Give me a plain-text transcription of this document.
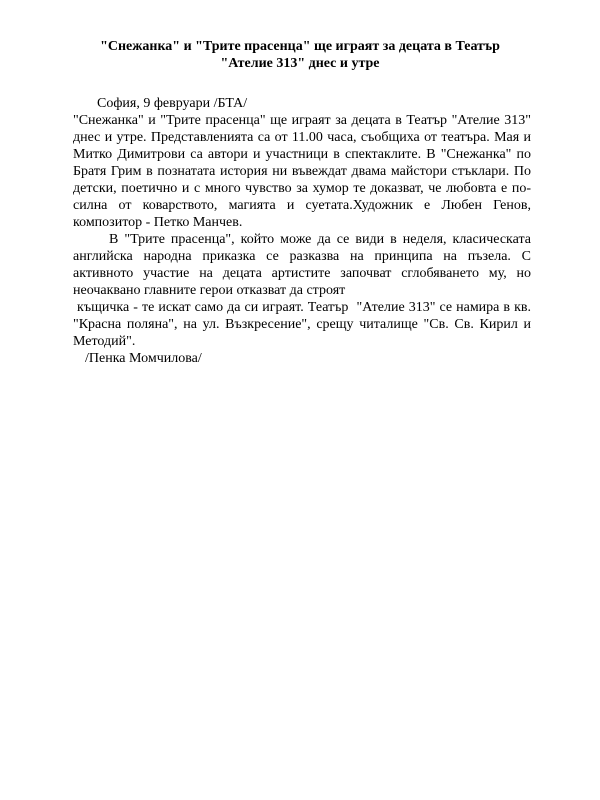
"Снежанка" и "Трите прасенца" ще играят за децата в Театър
"Ателие 313" днес и утре
София, 9 февруари /БТА/
"Снежанка" и "Трите прасенца" ще играят за децата в Театър "Ателие 313" днес и утре. Представленията са от 11.00 часа, съобщиха от театъра. Мая и Митко Димитрови са автори и участници в спектаклите. В "Снежанка" по Братя Грим в познатата история ни въвеждат двама майстори стъклари. По детски, поетично и с много чувство за хумор те доказват, че любовта е по-силна от коварството, магията и суетата.Художник е Любен Генов, композитор - Петко Манчев.
В "Трите прасенца", който може да се види в неделя, класическата
английска народна приказка се разказва на принципа на пъзела. С
активното участие на децата артистите започват сглобяването му, но
неочаквано главните герои отказват да строят
къщичка - те искат само да си играят. Театър  "Ателие 313" се намира в кв. "Красна поляна", на ул. Възкресение", срещу читалище "Св. Св. Кирил и Методий".
/Пенка Момчилова/
